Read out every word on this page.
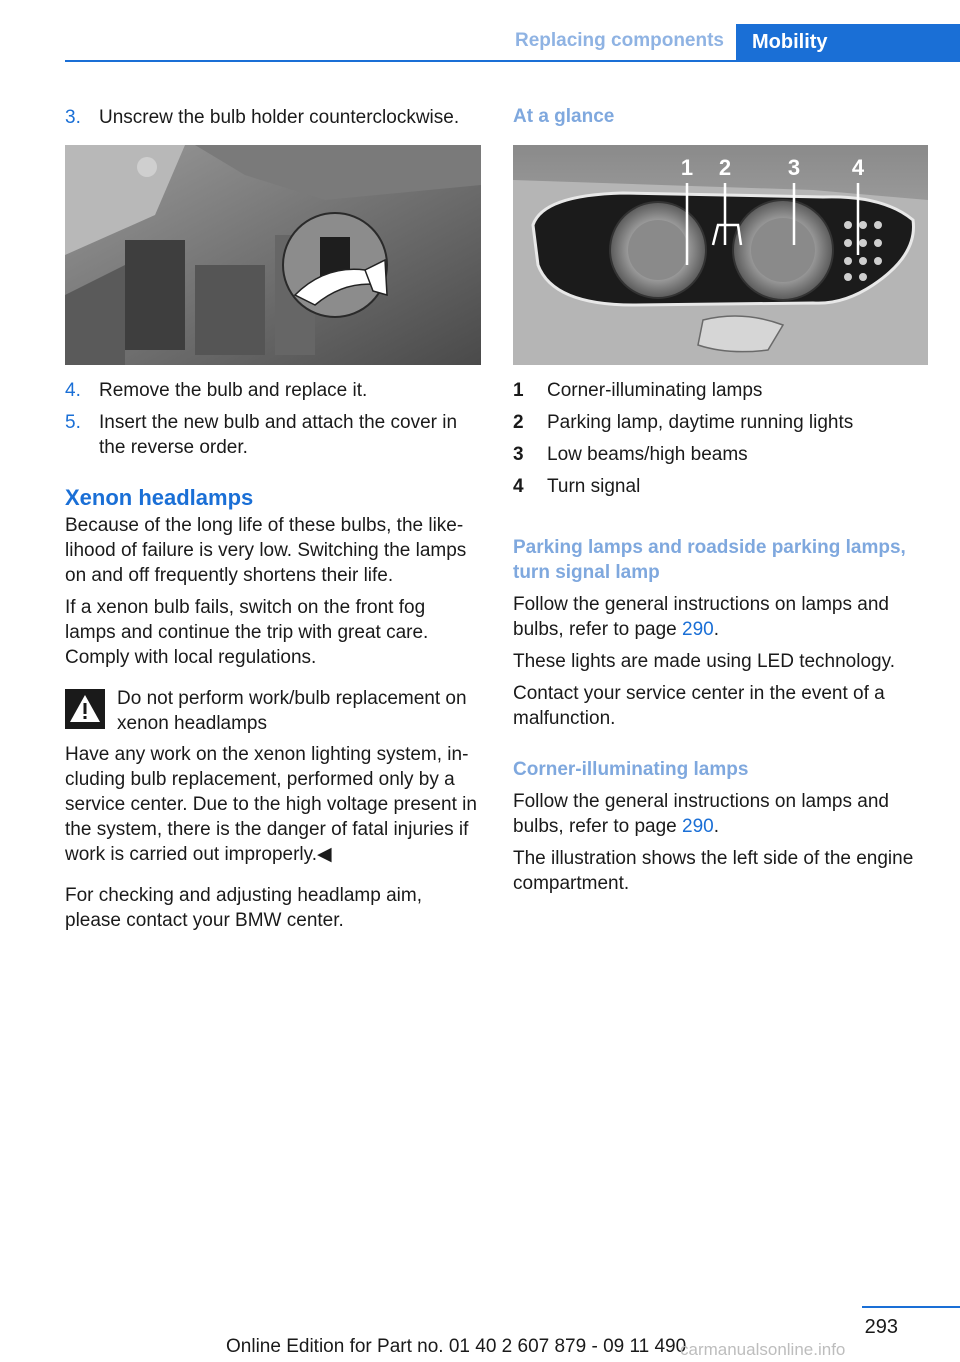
Replacing components	Mobility
3. Unscrew the bulb holder counterclockwise.
4. Remove the bulb and replace it.
5. Insert the new bulb and attach the cover in the reverse order.
Xenon headlamps

Because of the long life of these bulbs, the like-lihood of failure is very low. Switching the lamps on and off frequently shortens their life.

If a xenon bulb fails, switch on the front fog lamps and continue the trip with great care. Comply with local regulations.

Do not perform work/bulb replacement on xenon headlamps

Have any work on the xenon lighting system, in-cluding bulb replacement, performed only by a service center. Due to the high voltage present in the system, there is the danger of fatal injuries if work is carried out improperly.◀

For checking and adjusting headlamp aim, please contact your BMW center.

At a glance
1 2	3 4
1 Corner-illuminating lamps
2 Parking lamp, daytime running lights
3 Low beams/high beams
4 Turn signal
Parking lamps and roadside parking lamps, turn signal lamp

Follow the general instructions on lamps and bulbs, refer to page 290.

These lights are made using LED technology.

Contact your service center in the event of a malfunction.

Corner-illuminating lamps

Follow the general instructions on lamps and bulbs, refer to page 290.

The illustration shows the left side of the engine compartment.

293
Online Edition for Part no. 01 40 2 607 879 - 09 11 490
carmanualsonline.info
